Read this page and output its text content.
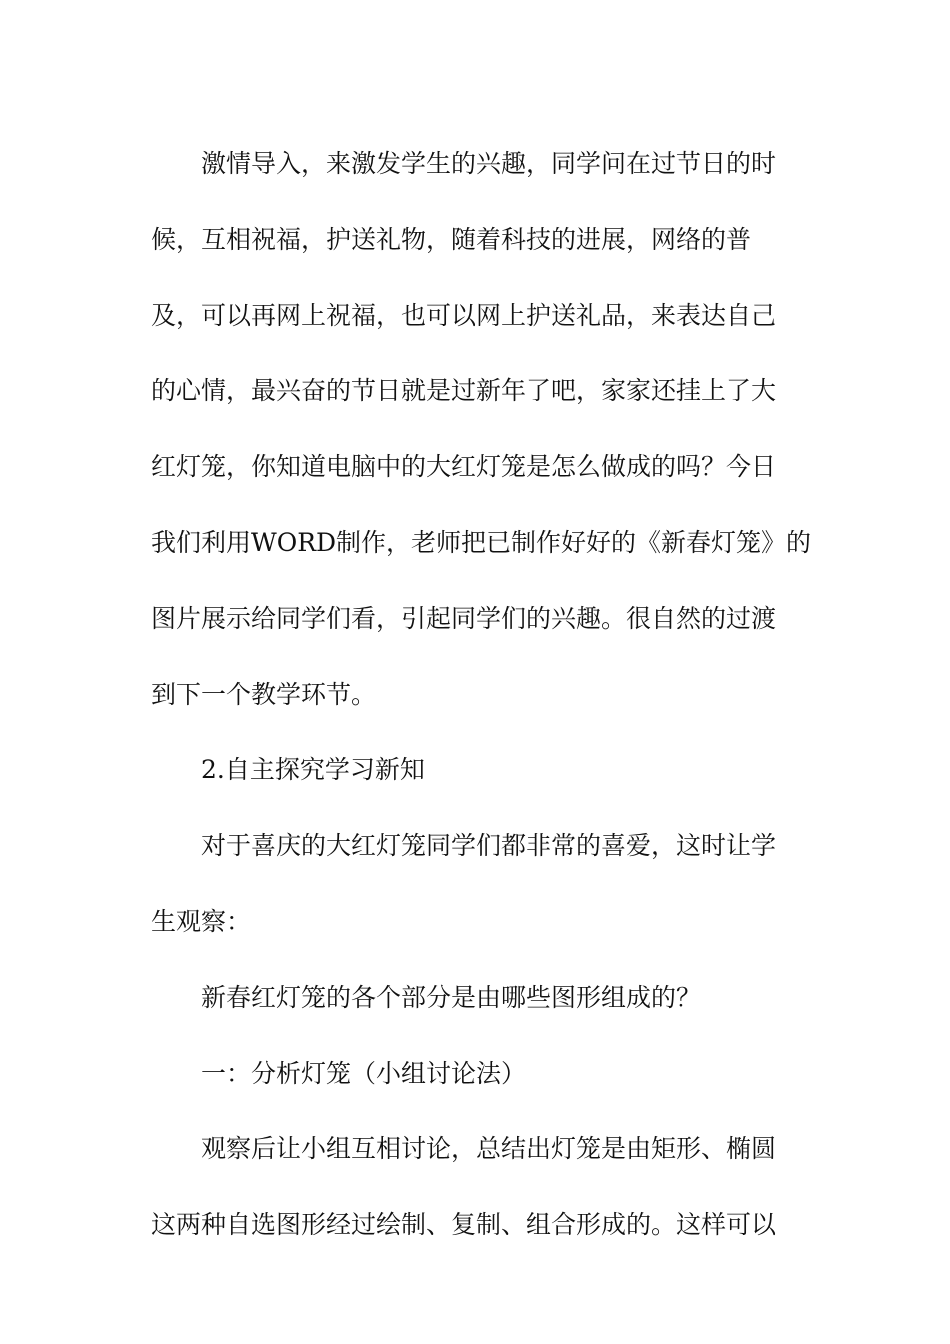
激情导入，来激发学生的兴趣，同学问在过节日的时
候，互相祝福，护送礼物，随着科技的进展，网络的普
及，可以再网上祝福，也可以网上护送礼品，来表达自己
的心情，最兴奋的节日就是过新年了吧，家家还挂上了大
红灯笼，你知道电脑中的大红灯笼是怎么做成的吗？今日
我们利用WORD制作，老师把已制作好好的《新春灯笼》的
图片展示给同学们看，引起同学们的兴趣。很自然的过渡
到下一个教学环节。
2.自主探究学习新知
对于喜庆的大红灯笼同学们都非常的喜爱，这时让学
生观察：
新春红灯笼的各个部分是由哪些图形组成的？
一：分析灯笼（小组讨论法）
观察后让小组互相讨论，总结出灯笼是由矩形、椭圆
这两种自选图形经过绘制、复制、组合形成的。这样可以
